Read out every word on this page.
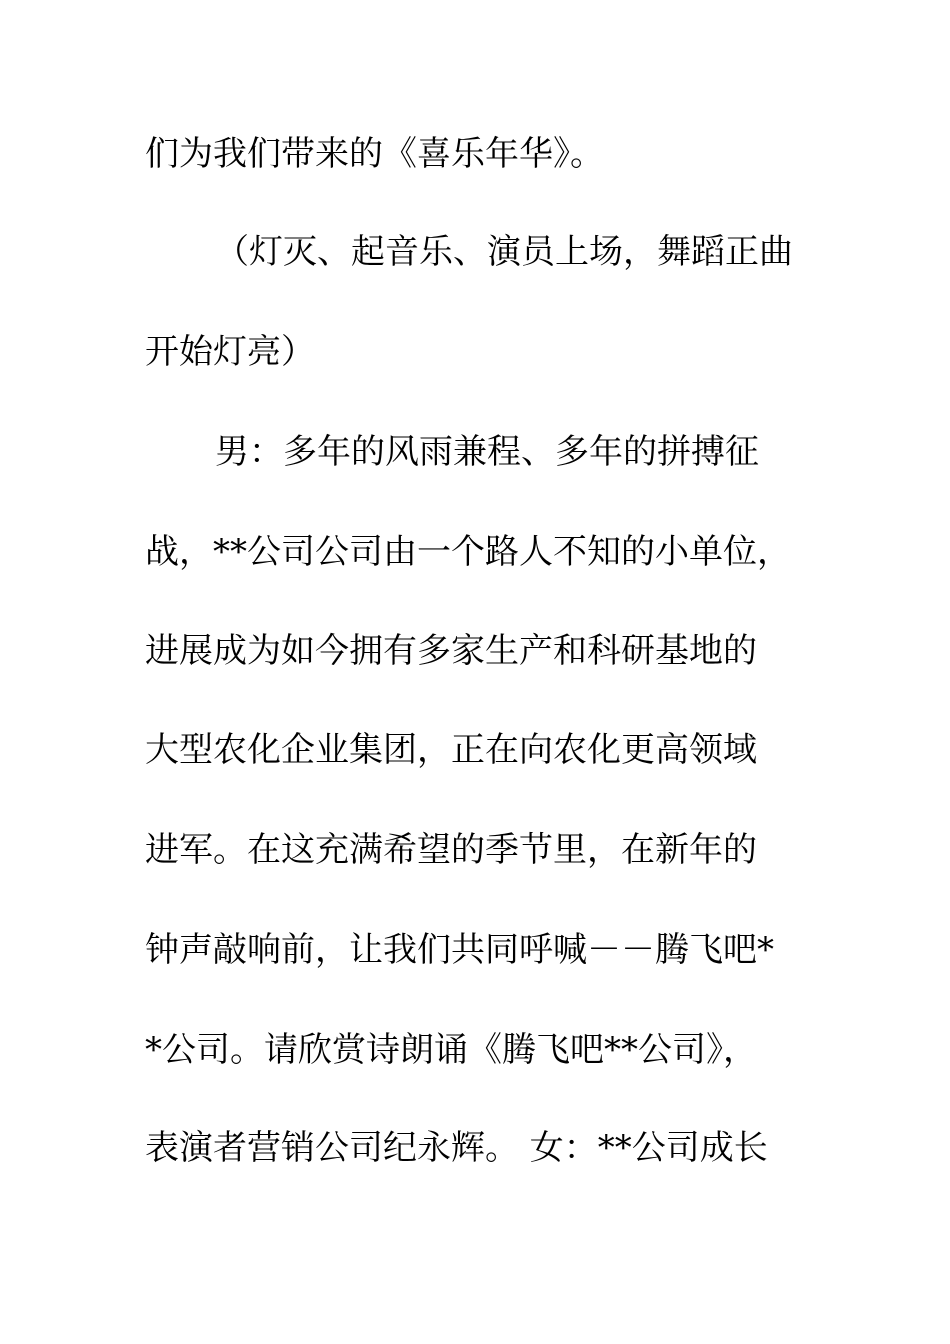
们为我们带来的《喜乐年华》。
（灯灭、起音乐、演员上场，舞蹈正曲
开始灯亮）
男：多年的风雨兼程、多年的拼搏征
战，**公司公司由一个路人不知的小单位，
进展成为如今拥有多家生产和科研基地的
大型农化企业集团，正在向农化更高领域
进军。在这充满希望的季节里，在新年的
钟声敲响前，让我们共同呼喊－－腾飞吧*
*公司。请欣赏诗朗诵《腾飞吧**公司》，
表演者营销公司纪永辉。 女：**公司成长
